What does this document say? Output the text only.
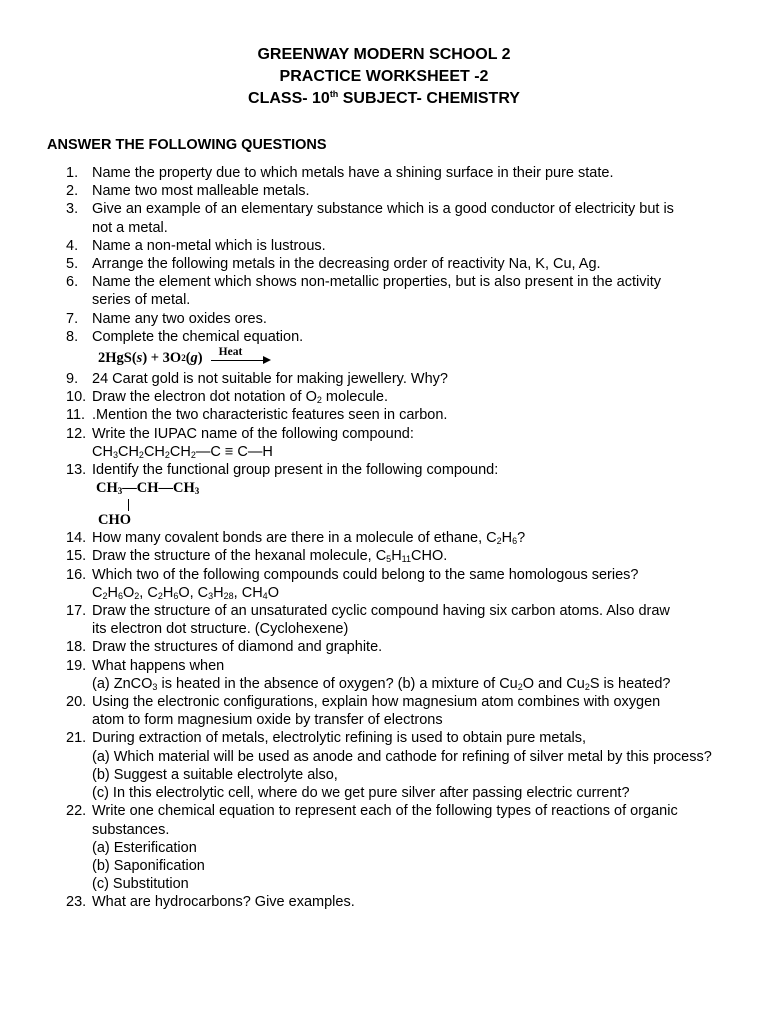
GREENWAY MODERN SCHOOL 2
PRACTICE WORKSHEET -2
CLASS- 10th SUBJECT- CHEMISTRY
ANSWER THE FOLLOWING QUESTIONS
1. Name the property due to which metals have a shining surface in their pure state.
2. Name two most malleable metals.
3. Give an example of an elementary substance which is a good conductor of electricity but is
not a metal.
4. Name a non-metal which is lustrous.
5. Arrange the following metals in the decreasing order of reactivity Na, K, Cu, Ag.
6. Name the element which shows non-metallic properties, but is also present in the activity
series of metal.
7. Name any two oxides ores.
8. Complete the chemical equation.
2HgS( s ) + 3O 2 ( g ) Heat
9. 24 Carat gold is not suitable for making jewellery. Why?
10. Draw the electron dot notation of $O_2$ molecule.
11. .Mention the two characteristic features seen in carbon.
12. Write the IUPAC name of the following compound:
$CH_3CH_2CH_2CH_2—C$ ≡ C—H
13. Identify the functional group present in the following compound:
$CH_3—CH—CH_3$
CHO
14. How many covalent bonds are there in a molecule of ethane, $C_2H_6$?
15. Draw the structure of the hexanal molecule, $C_5H_{11}CHO$.
16. Which two of the following compounds could belong to the same homologous series?
$C_2H_6O_2$, $C_2H_6O$, $C_3H_{28}$, $CH_4O$
17. Draw the structure of an unsaturated cyclic compound having six carbon atoms. Also draw
its electron dot structure. (Cyclohexene)
18. Draw the structures of diamond and graphite.
19. What happens when
(a) ZnCO$_3$ is heated in the absence of oxygen? (b) a mixture of $Cu_2O$ and $Cu_2S$ is heated?
20. Using the electronic configurations, explain how magnesium atom combines with oxygen
atom to form magnesium oxide by transfer of electrons
21. During extraction of metals, electrolytic refining is used to obtain pure metals,
(a) Which material will be used as anode and cathode for refining of silver metal by this process?
(b) Suggest a suitable electrolyte also,
(c) In this electrolytic cell, where do we get pure silver after passing electric current?
22. Write one chemical equation to represent each of the following types of reactions of organic
substances.
(a) Esterification
(b) Saponification
(c) Substitution
23. What are hydrocarbons? Give examples.
